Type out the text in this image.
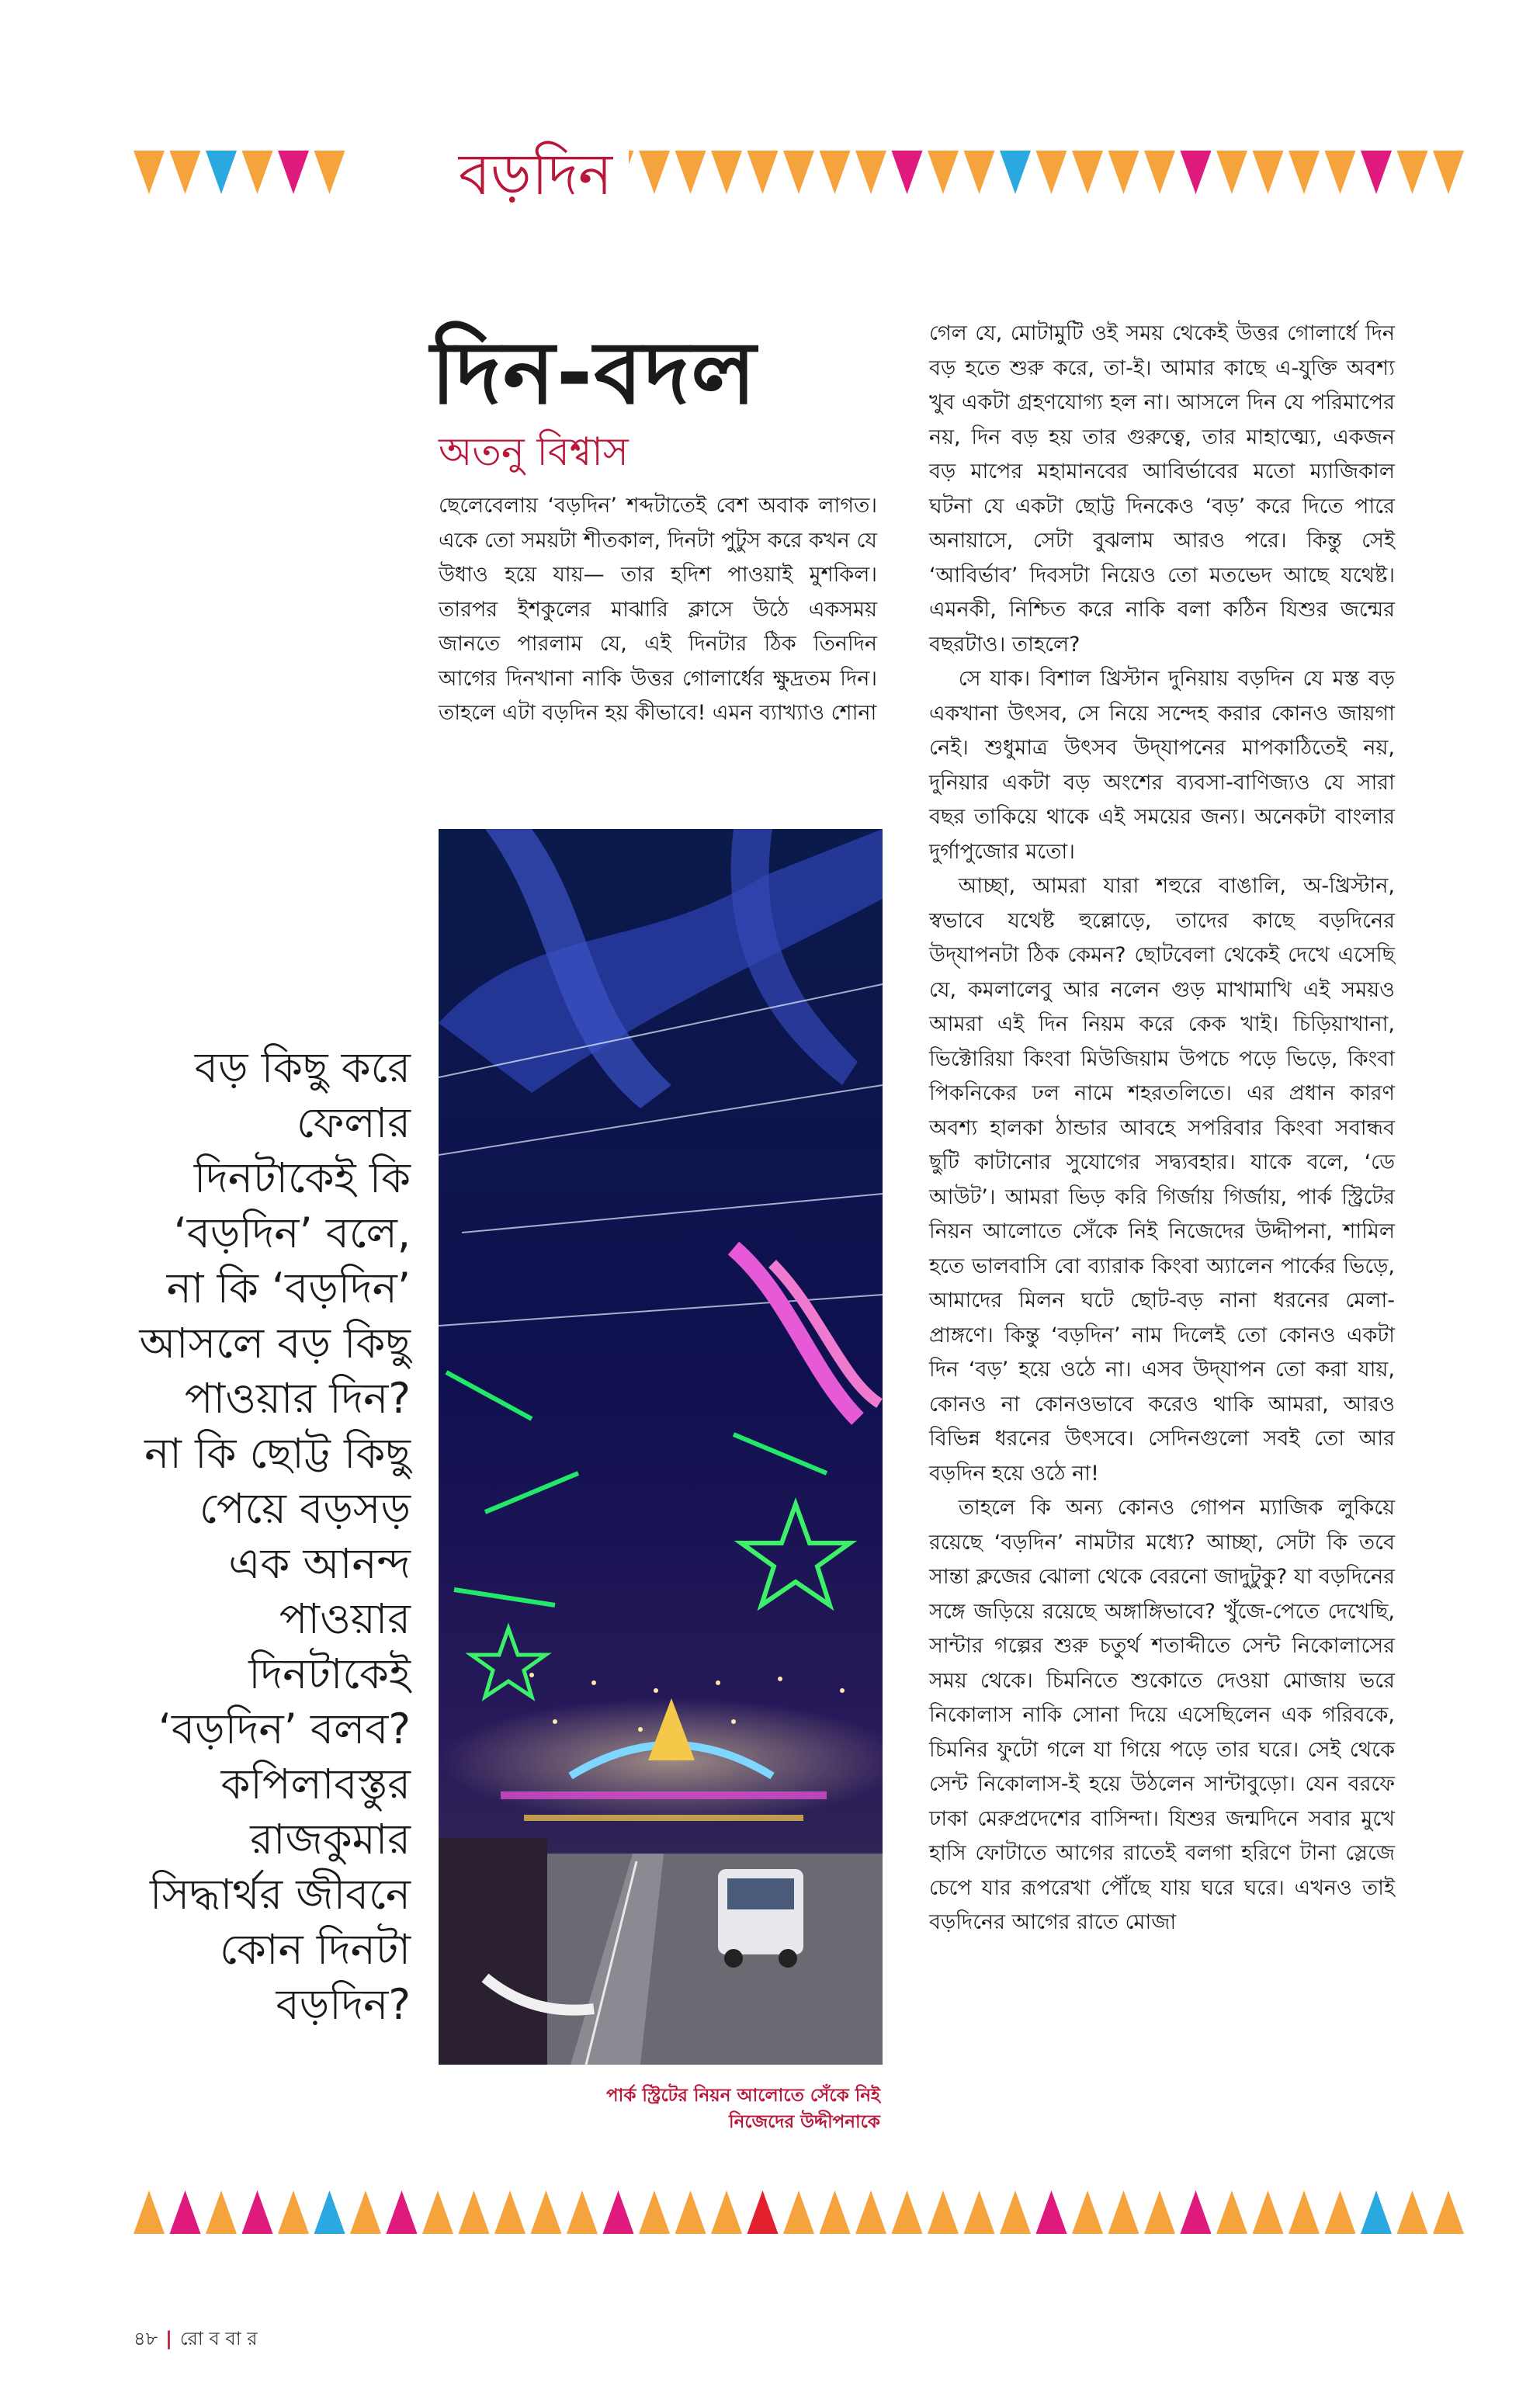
বড়দিন
দিন-বদল
অতনু বিশ্বাস

ছেলেবেলায় ‘বড়দিন’ শব্দটাতেই বেশ অবাক লাগত। একে তো সময়টা শীতকাল, দিনটা পুটুস করে কখন যে উধাও হয়ে যায়— তার হদিশ পাওয়াই মুশকিল। তারপর ইশকুলের মাঝারি ক্লাসে উঠে একসময় জানতে পারলাম যে, এই দিনটার ঠিক তিনদিন আগের দিনখানা নাকি উত্তর গোলার্ধের ক্ষুদ্রতম দিন। তাহলে এটা বড়দিন হয় কীভাবে! এমন ব্যাখ্যাও শোনা

গেল যে, মোটামুটি ওই সময় থেকেই উত্তর গোলার্ধে দিন বড় হতে শুরু করে, তা-ই। আমার কাছে এ-যুক্তি অবশ্য খুব একটা গ্রহণযোগ্য হল না। আসলে দিন যে পরিমাপের নয়, দিন বড় হয় তার গুরুত্বে, তার মাহাত্ম্যে, একজন বড় মাপের মহামানবের আবির্ভাবের মতো ম্যাজিকাল ঘটনা যে একটা ছোট্ট দিনকেও ‘বড়’ করে দিতে পারে অনায়াসে, সেটা বুঝলাম আরও পরে। কিন্তু সেই ‘আবির্ভাব’ দিবসটা নিয়েও তো মতভেদ আছে যথেষ্ট। এমনকী, নিশ্চিত করে নাকি বলা কঠিন যিশুর জন্মের বছরটাও। তাহলে?

সে যাক। বিশাল খ্রিস্টান দুনিয়ায় বড়দিন যে মস্ত বড় একখানা উৎসব, সে নিয়ে সন্দেহ করার কোনও জায়গা নেই। শুধুমাত্র উৎসব উদ্‌যাপনের মাপকাঠিতেই নয়, দুনিয়ার একটা বড় অংশের ব্যবসা-বাণিজ্যও যে সারা বছর তাকিয়ে থাকে এই সময়ের জন্য। অনেকটা বাংলার দুর্গাপুজোর মতো।

আচ্ছা, আমরা যারা শহুরে বাঙালি, অ-খ্রিস্টান, স্বভাবে যথেষ্ট হুল্লোড়ে, তাদের কাছে বড়দিনের উদ্‌যাপনটা ঠিক কেমন? ছোটবেলা থেকেই দেখে এসেছি যে, কমলালেবু আর নলেন গুড় মাখামাখি এই সময়ও আমরা এই দিন নিয়ম করে কেক খাই। চিড়িয়াখানা, ভিক্টোরিয়া কিংবা মিউজিয়াম উপচে পড়ে ভিড়ে, কিংবা পিকনিকের ঢল নামে শহরতলিতে। এর প্রধান কারণ অবশ্য হালকা ঠান্ডার আবহে সপরিবার কিংবা সবান্ধব ছুটি কাটানোর সুযোগের সদ্ব্যবহার। যাকে বলে, ‘ডে আউট’। আমরা ভিড় করি গির্জায় গির্জায়, পার্ক স্ট্রিটের নিয়ন আলোতে সেঁকে নিই নিজেদের উদ্দীপনা, শামিল হতে ভালবাসি বো ব্যারাক কিংবা অ্যালেন পার্কের ভিড়ে, আমাদের মিলন ঘটে ছোট-বড় নানা ধরনের মেলা-প্রাঙ্গণে। কিন্তু ‘বড়দিন’ নাম দিলেই তো কোনও একটা দিন ‘বড়’ হয়ে ওঠে না। এসব উদ্‌যাপন তো করা যায়, কোনও না কোনওভাবে করেও থাকি আমরা, আরও বিভিন্ন ধরনের উৎসবে। সেদিনগুলো সবই তো আর বড়দিন হয়ে ওঠে না!

তাহলে কি অন্য কোনও গোপন ম্যাজিক লুকিয়ে রয়েছে ‘বড়দিন’ নামটার মধ্যে? আচ্ছা, সেটা কি তবে সান্তা ক্লজের ঝোলা থেকে বেরনো জাদুটুকু? যা বড়দিনের সঙ্গে জড়িয়ে রয়েছে অঙ্গাঙ্গিভাবে? খুঁজে-পেতে দেখেছি, সান্টার গল্পের শুরু চতুর্থ শতাব্দীতে সেন্ট নিকোলাসের সময় থেকে। চিমনিতে শুকোতে দেওয়া মোজায় ভরে নিকোলাস নাকি সোনা দিয়ে এসেছিলেন এক গরিবকে, চিমনির ফুটো গলে যা গিয়ে পড়ে তার ঘরে। সেই থেকে সেন্ট নিকোলাস-ই হয়ে উঠলেন সান্টাবুড়ো। যেন বরফে ঢাকা মেরুপ্রদেশের বাসিন্দা। যিশুর জন্মদিনে সবার মুখে হাসি ফোটাতে আগের রাতেই বলগা হরিণে টানা স্লেজে চেপে যার রূপরেখা পৌঁছে যায় ঘরে ঘরে। এখনও তাই বড়দিনের আগের রাতে মোজা

বড় কিছু করে
ফেলার
দিনটাকেই কি
‘বড়দিন’ বলে,
না কি ‘বড়দিন’
আসলে বড় কিছু
পাওয়ার দিন?
না কি ছোট্ট কিছু
পেয়ে বড়সড়
এক আনন্দ
পাওয়ার
দিনটাকেই
‘বড়দিন’ বলব?
কপিলাবস্তুর
রাজকুমার
সিদ্ধার্থর জীবনে
কোন দিনটা
বড়দিন?
পার্ক স্ট্রিটের নিয়ন আলোতে সেঁকে নিই
নিজেদের উদ্দীপনাকে
৪৮ | রো ব বা র
